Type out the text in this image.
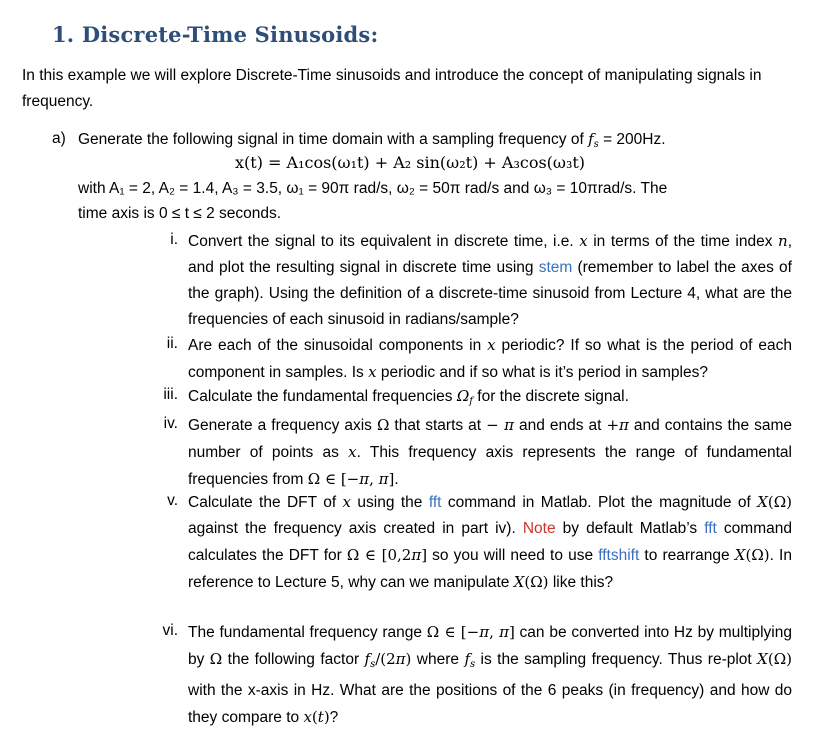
1. Discrete-Time Sinusoids:
In this example we will explore Discrete-Time sinusoids and introduce the concept of manipulating signals in frequency.
a) Generate the following signal in time domain with a sampling frequency of $f_s = 200Hz$.
x(t) = A₁cos(ω₁t) + A₂ sin(ω₂t) + A₃cos(ω₃t)
with A₁ = 2, A₂ = 1.4, A₃ = 3.5, ω₁ = 90π rad/s, ω₂ = 50π rad/s and ω₃ = 10πrad/s. The
time axis is 0 ≤ t ≤ 2 seconds.
i. Convert the signal to its equivalent in discrete time, i.e. x in terms of the time index n, and plot the resulting signal in discrete time using stem (remember to label the axes of the graph). Using the definition of a discrete-time sinusoid from Lecture 4, what are the frequencies of each sinusoid in radians/sample?
ii. Are each of the sinusoidal components in x periodic? If so what is the period of each component in samples. Is x periodic and if so what is it’s period in samples?
iii. Calculate the fundamental frequencies $\Omega_f$ for the discrete signal.
iv. Generate a frequency axis Ω that starts at − π and ends at +π and contains the same number of points as x. This frequency axis represents the range of fundamental frequencies from Ω ∈ [−π, π].
v. Calculate the DFT of x using the fft command in Matlab. Plot the magnitude of X(Ω) against the frequency axis created in part iv). Note by default Matlab’s fft command calculates the DFT for Ω ∈ [0,2π] so you will need to use fftshift to rearrange X(Ω). In reference to Lecture 5, why can we manipulate X(Ω) like this?
vi. The fundamental frequency range Ω ∈ [−π, π] can be converted into Hz by multiplying by Ω the following factor $f_s/(2\pi)$ where $f_s$ is the sampling frequency. Thus re-plot X(Ω) with the x-axis in Hz. What are the positions of the 6 peaks (in frequency) and how do they compare to x(t)?
